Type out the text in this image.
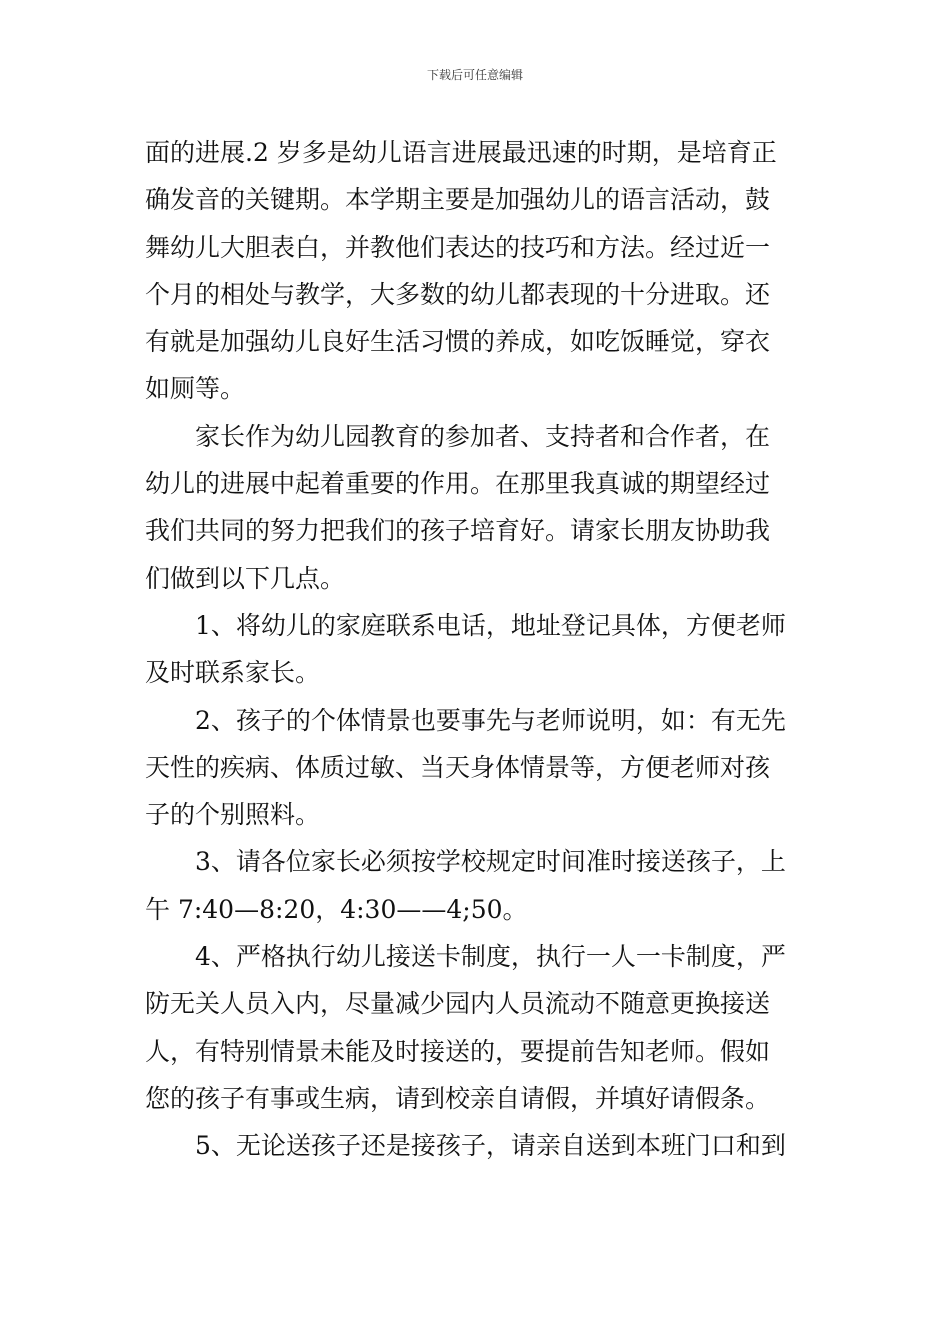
下载后可任意编辑
面的进展.2 岁多是幼儿语言进展最迅速的时期，是培育正
确发音的关键期。本学期主要是加强幼儿的语言活动，鼓
舞幼儿大胆表白，并教他们表达的技巧和方法。经过近一
个月的相处与教学，大多数的幼儿都表现的十分进取。还
有就是加强幼儿良好生活习惯的养成，如吃饭睡觉，穿衣
如厕等。
　　家长作为幼儿园教育的参加者、支持者和合作者，在
幼儿的进展中起着重要的作用。在那里我真诚的期望经过
我们共同的努力把我们的孩子培育好。请家长朋友协助我
们做到以下几点。
　　1、将幼儿的家庭联系电话，地址登记具体，方便老师
及时联系家长。
　　2、孩子的个体情景也要事先与老师说明，如：有无先
天性的疾病、体质过敏、当天身体情景等，方便老师对孩
子的个别照料。
　　3、请各位家长必须按学校规定时间准时接送孩子，上
午 7:40—8:20，4:30——4;50。
　　4、严格执行幼儿接送卡制度，执行一人一卡制度，严
防无关人员入内，尽量减少园内人员流动不随意更换接送
人，有特别情景未能及时接送的，要提前告知老师。假如
您的孩子有事或生病，请到校亲自请假，并填好请假条。
　　5、无论送孩子还是接孩子，请亲自送到本班门口和到
